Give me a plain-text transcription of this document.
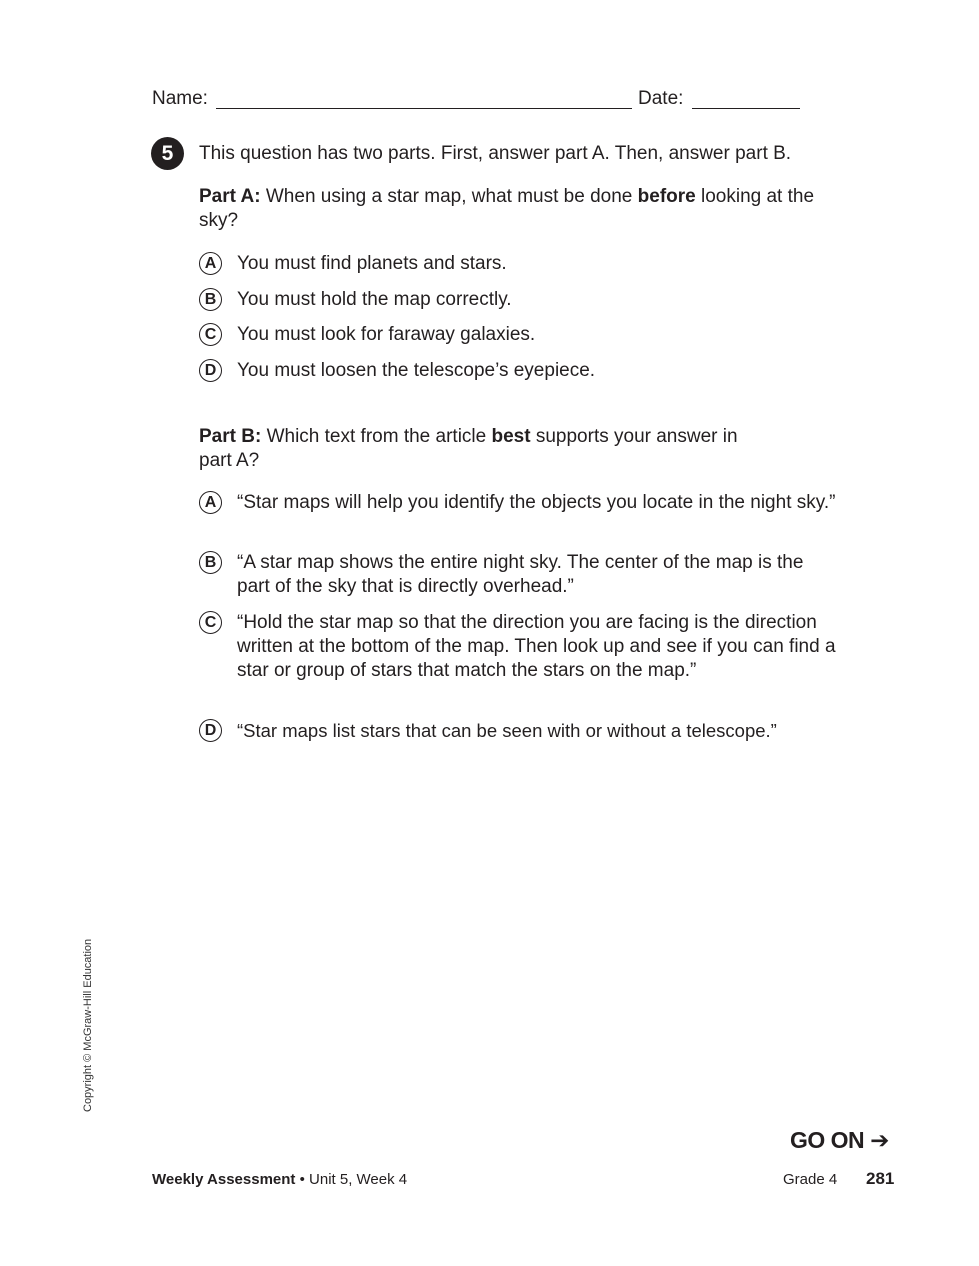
Name:	Date:
5	This question has two parts. First, answer part A. Then, answer part B.
Part A: When using a star map, what must be done before looking at the sky?
A	You must find planets and stars.
B	You must hold the map correctly.
C	You must look for faraway galaxies.
D	You must loosen the telescope’s eyepiece.
Part B: Which text from the article best supports your answer in part A?
A	“Star maps will help you identify the objects you locate in the night sky.”
B	“A star map shows the entire night sky. The center of the map is the part of the sky that is directly overhead.”
C	“Hold the star map so that the direction you are facing is the direction written at the bottom of the map. Then look up and see if you can find a star or group of stars that match the stars on the map.”
D	“Star maps list stars that can be seen with or without a telescope.”
Copyright © McGraw-Hill Education
GO ON ➔
Weekly Assessment • Unit 5, Week 4	Grade 4 281
